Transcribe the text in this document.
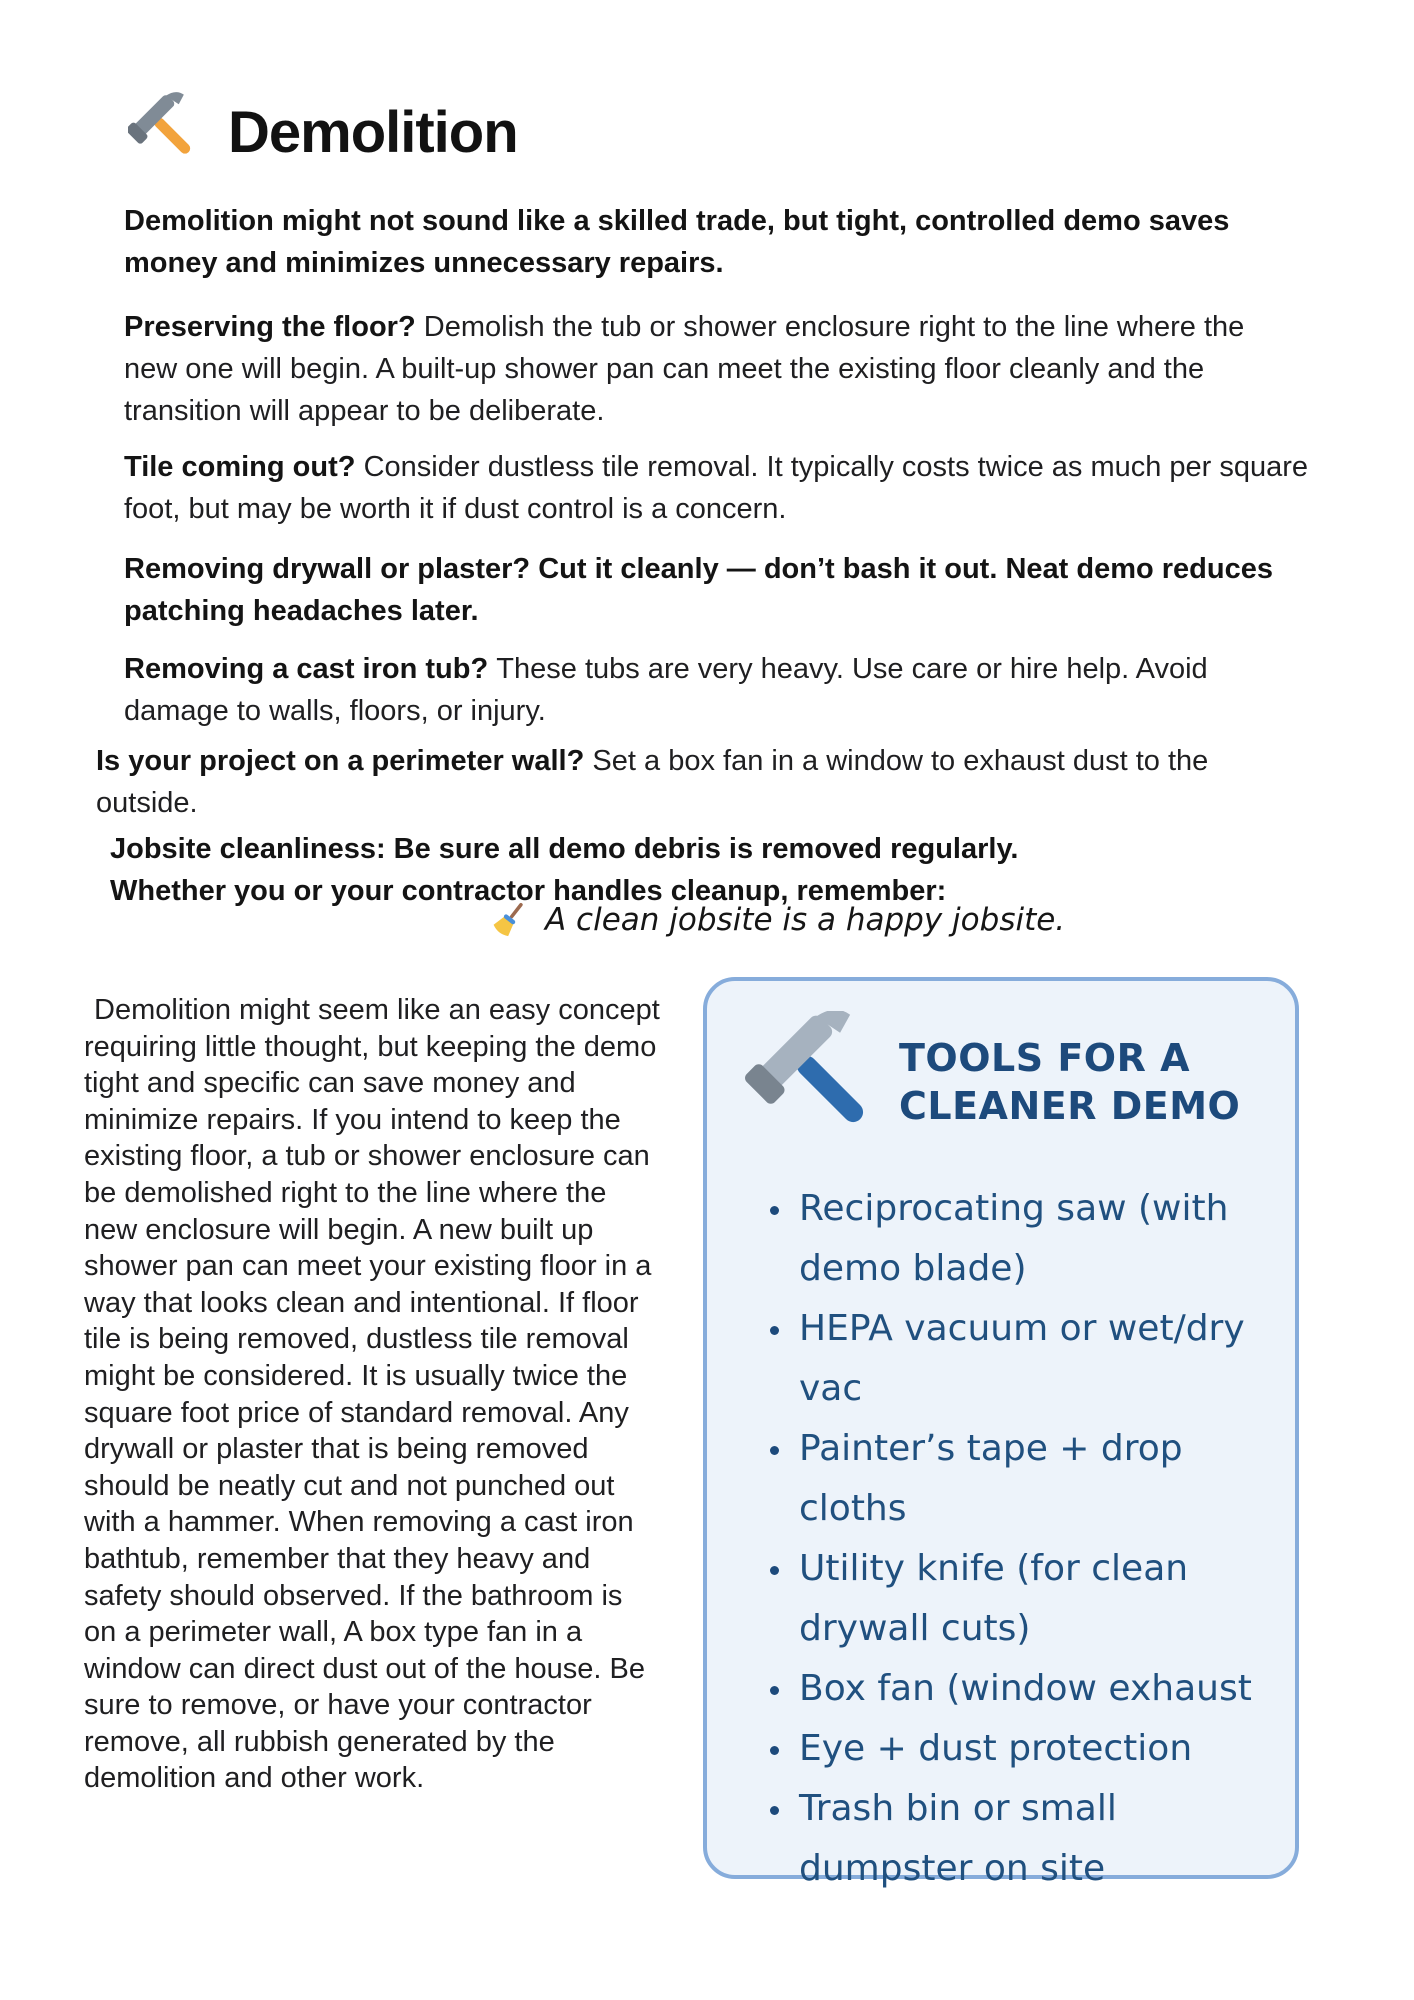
Demolition

Demolition might not sound like a skilled trade, but tight, controlled demo saves money and minimizes unnecessary repairs.

Preserving the floor? Demolish the tub or shower enclosure right to the line where the new one will begin. A built-up shower pan can meet the existing floor cleanly and the transition will appear to be deliberate.

Tile coming out? Consider dustless tile removal. It typically costs twice as much per square foot, but may be worth it if dust control is a concern.

Removing drywall or plaster? Cut it cleanly — don’t bash it out. Neat demo reduces patching headaches later.

Removing a cast iron tub? These tubs are very heavy. Use care or hire help. Avoid damage to walls, floors, or injury.

Is your project on a perimeter wall? Set a box fan in a window to exhaust dust to the outside.

Jobsite cleanliness: Be sure all demo debris is removed regularly.
Whether you or your contractor handles cleanup, remember:

A clean jobsite is a happy jobsite.
Demolition might seem like an easy concept requiring little thought, but keeping the demo tight and specific can save money and minimize repairs. If you intend to keep the existing floor, a tub or shower enclosure can be demolished right to the line where the new enclosure will begin. A new built up shower pan can meet your existing floor in a way that looks clean and intentional. If floor tile is being removed, dustless tile removal might be considered. It is usually twice the square foot price of standard removal. Any drywall or plaster that is being removed should be neatly cut and not punched out with a hammer. When removing a cast iron bathtub, remember that they heavy and safety should observed. If the bathroom is on a perimeter wall, A box type fan in a window can direct dust out of the house. Be sure to remove, or have your contractor remove, all rubbish generated by the demolition and other work.
TOOLS FOR A
CLEANER DEMO
• Reciprocating saw (with demo blade)
• HEPA vacuum or wet/dry vac
• Painter’s tape + drop cloths
• Utility knife (for clean drywall cuts)
• Box fan (window exhaust
• Eye + dust protection
• Trash bin or small dumpster on site
